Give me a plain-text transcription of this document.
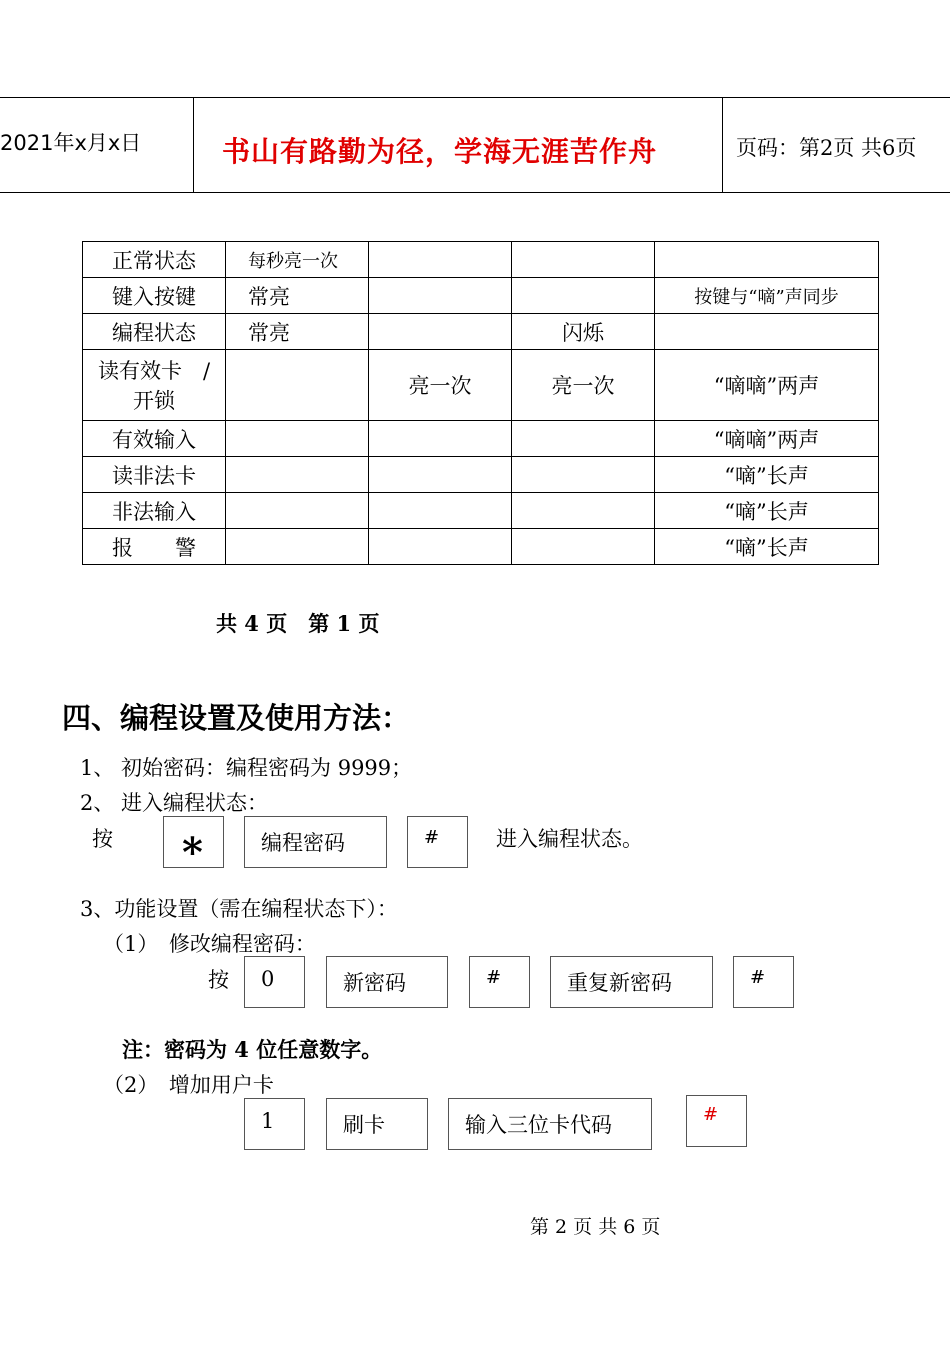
2021年x月x日	书山有路勤为径，学海无涯苦作舟	页码：第2页 共6页
正常状态	每秒亮一次			
键入按键	常亮			按键与“嘀”声同步
编程状态	常亮		闪烁	

读有效卡　/
开锁		亮一次	亮一次	“嘀嘀”两声
有效输入				“嘀嘀”两声
读非法卡				“嘀”长声
非法输入				“嘀”长声
报　　警				“嘀”长声
共 4 页　第 1 页
四、编程设置及使用方法：
1、 初始密码：编程密码为 9999；
2、 进入编程状态：
按 *	编程密码	#	进入编程状态。
3、功能设置（需在编程状态下）：
（1）　修改编程密码：
按 0	新密码	#	重复新密码	#
注：密码为 4 位任意数字。
（2）　增加用户卡
1	刷卡	输入三位卡代码	#
第 2 页 共 6 页
